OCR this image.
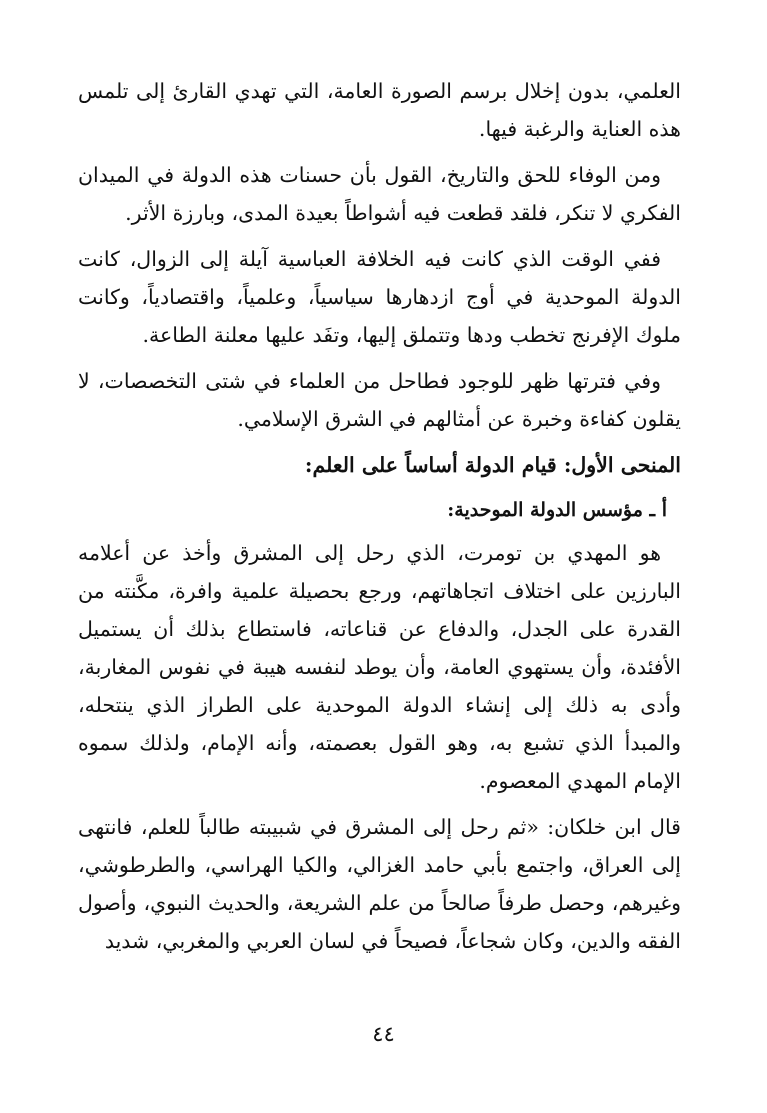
العلمي، بدون إخلال برسم الصورة العامة، التي تهدي القارئ إلى تلمس هذه العناية والرغبة فيها.

ومن الوفاء للحق والتاريخ، القول بأن حسنات هذه الدولة في الميدان الفكري لا تنكر، فلقد قطعت فيه أشواطاً بعيدة المدى، وبارزة الأثر.

ففي الوقت الذي كانت فيه الخلافة العباسية آيلة إلى الزوال، كانت الدولة الموحدية في أوج ازدهارها سياسياً، وعلمياً، واقتصادياً، وكانت ملوك الإفرنج تخطب ودها وتتملق إليها، وتفَد عليها معلنة الطاعة.

وفي فترتها ظهر للوجود فطاحل من العلماء في شتى التخصصات، لا يقلون كفاءة وخبرة عن أمثالهم في الشرق الإسلامي.

المنحى الأول: قيام الدولة أساساً على العلم:
أ ـ مؤسس الدولة الموحدية:

هو المهدي بن تومرت، الذي رحل إلى المشرق وأخذ عن أعلامه البارزين على اختلاف اتجاهاتهم، ورجع بحصيلة علمية وافرة، مكَّنته من القدرة على الجدل، والدفاع عن قناعاته، فاستطاع بذلك أن يستميل الأفئدة، وأن يستهوي العامة، وأن يوطد لنفسه هيبة في نفوس المغاربة، وأدى به ذلك إلى إنشاء الدولة الموحدية على الطراز الذي ينتحله، والمبدأ الذي تشبع به، وهو القول بعصمته، وأنه الإمام، ولذلك سموه الإمام المهدي المعصوم.

قال ابن خلكان: «ثم رحل إلى المشرق في شبيبته طالباً للعلم، فانتهى إلى العراق، واجتمع بأبي حامد الغزالي، والكيا الهراسي، والطرطوشي، وغيرهم، وحصل طرفاً صالحاً من علم الشريعة، والحديث النبوي، وأصول الفقه والدين، وكان شجاعاً، فصيحاً في لسان العربي والمغربي، شديد

٤٤
